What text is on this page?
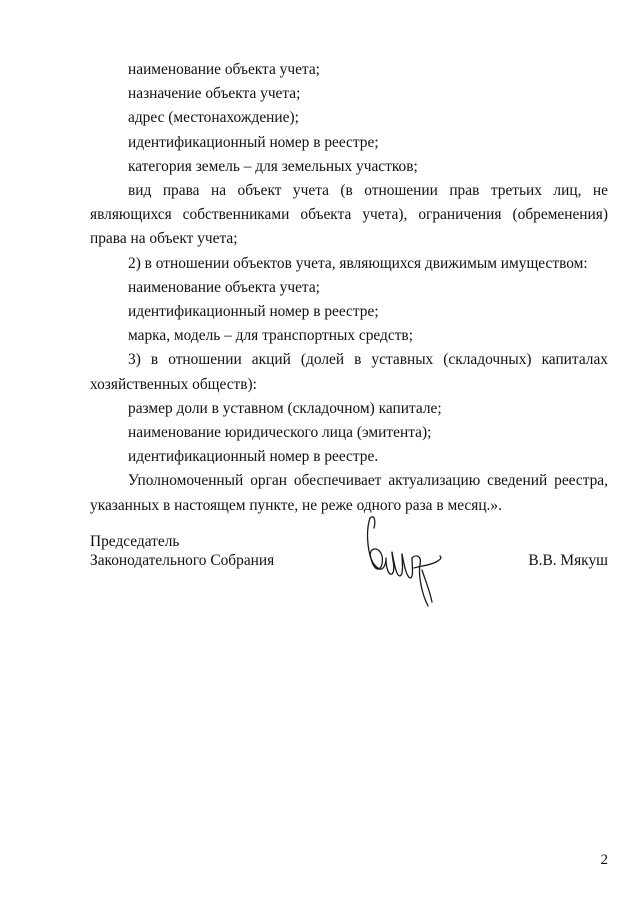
наименование объекта учета;

назначение объекта учета;

адрес (местонахождение);

идентификационный номер в реестре;

категория земель – для земельных участков;

вид права на объект учета (в отношении прав третьих лиц, не являющихся собственниками объекта учета), ограничения (обременения) права на объект учета;

2) в отношении объектов учета, являющихся движимым имуществом:

наименование объекта учета;

идентификационный номер в реестре;

марка, модель – для транспортных средств;

3) в отношении акций (долей в уставных (складочных) капиталах хозяйственных обществ):

размер доли в уставном (складочном) капитале;

наименование юридического лица (эмитента);

идентификационный номер в реестре.

Уполномоченный орган обеспечивает актуализацию сведений реестра, указанных в настоящем пункте, не реже одного раза в месяц.».

Председатель
Законодательного Собрания	В.В. Мякуш
2
